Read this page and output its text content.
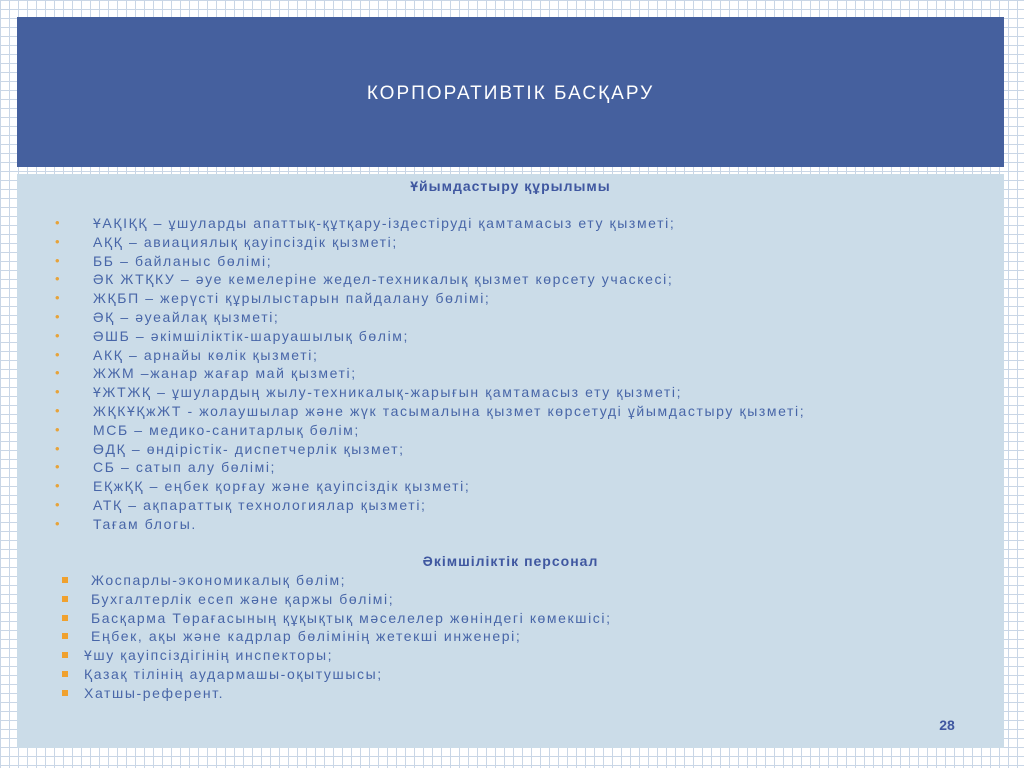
КОРПОРАТИВТІК БАСҚАРУ
Ұйымдастыру құрылымы
• ҰАҚІҚҚ – ұшуларды апаттық-құтқару-іздестіруді қамтамасыз ету қызметі;
• АҚҚ – авиациялық қауіпсіздік қызметі;
• ББ – байланыс бөлімі;
• ӘК ЖТҚКУ – әуе кемелеріне жедел-техникалық қызмет көрсету учаскесі;
• ЖҚБП – жерүсті құрылыстарын пайдалану бөлімі;
• ӘҚ – әуеайлақ қызметі;
• ӘШБ – әкімшіліктік-шаруашылық бөлім;
• АКҚ – арнайы көлік қызметі;
• ЖЖМ –жанар жағар май қызметі;
• ҰЖТЖҚ – ұшулардың жылу-техникалық-жарығын қамтамасыз ету қызметі;
• ЖҚКҰҚжЖТ - жолаушылар және жүк тасымалына қызмет көрсетуді ұйымдастыру қызметі;
• МСБ – медико-санитарлық бөлім;
• ӨДҚ – өндірістік- диспетчерлік қызмет;
• СБ – сатып алу бөлімі;
• ЕҚжҚҚ – еңбек қорғау және қауіпсіздік қызметі;
• АТҚ – ақпараттық технологиялар қызметі;
• Тағам блогы.
Әкімшіліктік персонал
Жоспарлы-экономикалық бөлім;
Бухгалтерлік есеп және қаржы бөлімі;
Басқарма Төрағасының құқықтық мәселелер жөніндегі көмекшісі;
Еңбек, ақы және кадрлар бөлімінің жетекші инженері;
Ұшу қауіпсіздігінің инспекторы;
Қазақ тілінің аудармашы-оқытушысы;
Хатшы-референт.
28
